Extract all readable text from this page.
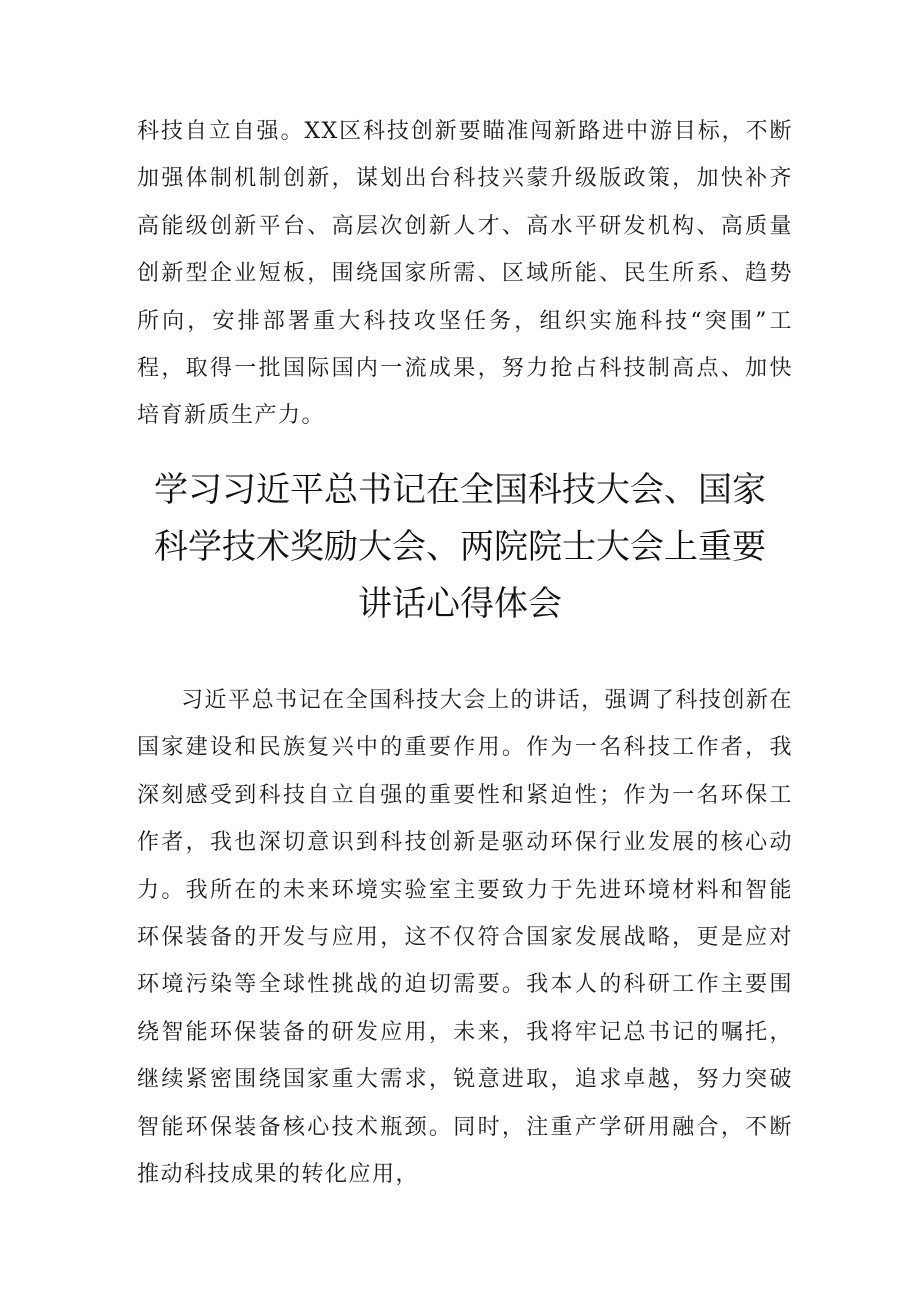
科技自立自强。XX区科技创新要瞄准闯新路进中游目标，不断加强体制机制创新，谋划出台科技兴蒙升级版政策，加快补齐高能级创新平台、高层次创新人才、高水平研发机构、高质量创新型企业短板，围绕国家所需、区域所能、民生所系、趋势所向，安排部署重大科技攻坚任务，组织实施科技“突围”工程，取得一批国际国内一流成果，努力抢占科技制高点、加快培育新质生产力。

学习习近平总书记在全国科技大会、国家
科学技术奖励大会、两院院士大会上重要
讲话心得体会

习近平总书记在全国科技大会上的讲话，强调了科技创新在国家建设和民族复兴中的重要作用。作为一名科技工作者，我深刻感受到科技自立自强的重要性和紧迫性；作为一名环保工作者，我也深切意识到科技创新是驱动环保行业发展的核心动力。我所在的未来环境实验室主要致力于先进环境材料和智能环保装备的开发与应用，这不仅符合国家发展战略，更是应对环境污染等全球性挑战的迫切需要。我本人的科研工作主要围绕智能环保装备的研发应用，未来，我将牢记总书记的嘱托，继续紧密围绕国家重大需求，锐意进取，追求卓越，努力突破智能环保装备核心技术瓶颈。同时，注重产学研用融合，不断推动科技成果的转化应用，
